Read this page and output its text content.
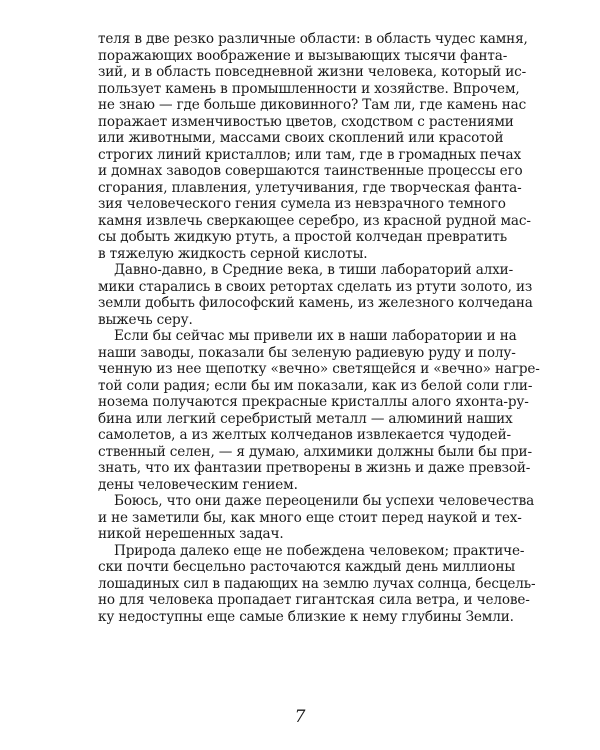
теля в две резко различные области: в область чудес камня,
поражающих воображение и вызывающих тысячи фанта-
зий, и в область повседневной жизни человека, который ис-
пользует камень в промышленности и хозяйстве. Впрочем,
не знаю — где больше диковинного? Там ли, где камень нас
поражает изменчивостью цветов, сходством с растениями
или животными, массами своих скоплений или красотой
строгих линий кристаллов; или там, где в громадных печах
и домнах заводов совершаются таинственные процессы его
сгорания, плавления, улетучивания, где творческая фанта-
зия человеческого гения сумела из невзрачного темного
камня извлечь сверкающее серебро, из красной рудной мас-
сы добыть жидкую ртуть, а простой колчедан превратить
в тяжелую жидкость серной кислоты.
Давно-давно, в Средние века, в тиши лабораторий алхи-
мики старались в своих ретортах сделать из ртути золото, из
земли добыть философский камень, из железного колчедана
выжечь серу.
Если бы сейчас мы привели их в наши лаборатории и на
наши заводы, показали бы зеленую радиевую руду и полу-
ченную из нее щепотку «вечно» светящейся и «вечно» нагре-
той соли радия; если бы им показали, как из белой соли гли-
нозема получаются прекрасные кристаллы алого яхонта-ру-
бина или легкий серебристый металл — алюминий наших
самолетов, а из желтых колчеданов извлекается чудодей-
ственный селен, — я думаю, алхимики должны были бы при-
знать, что их фантазии претворены в жизнь и даже превзой-
дены человеческим гением.
Боюсь, что они даже переоценили бы успехи человечества
и не заметили бы, как много еще стоит перед наукой и тех-
никой нерешенных задач.
Природа далеко еще не побеждена человеком; практиче-
ски почти бесцельно расточаются каждый день миллионы
лошадиных сил в падающих на землю лучах солнца, бесцель-
но для человека пропадает гигантская сила ветра, и челове-
ку недоступны еще самые близкие к нему глубины Земли.
7
